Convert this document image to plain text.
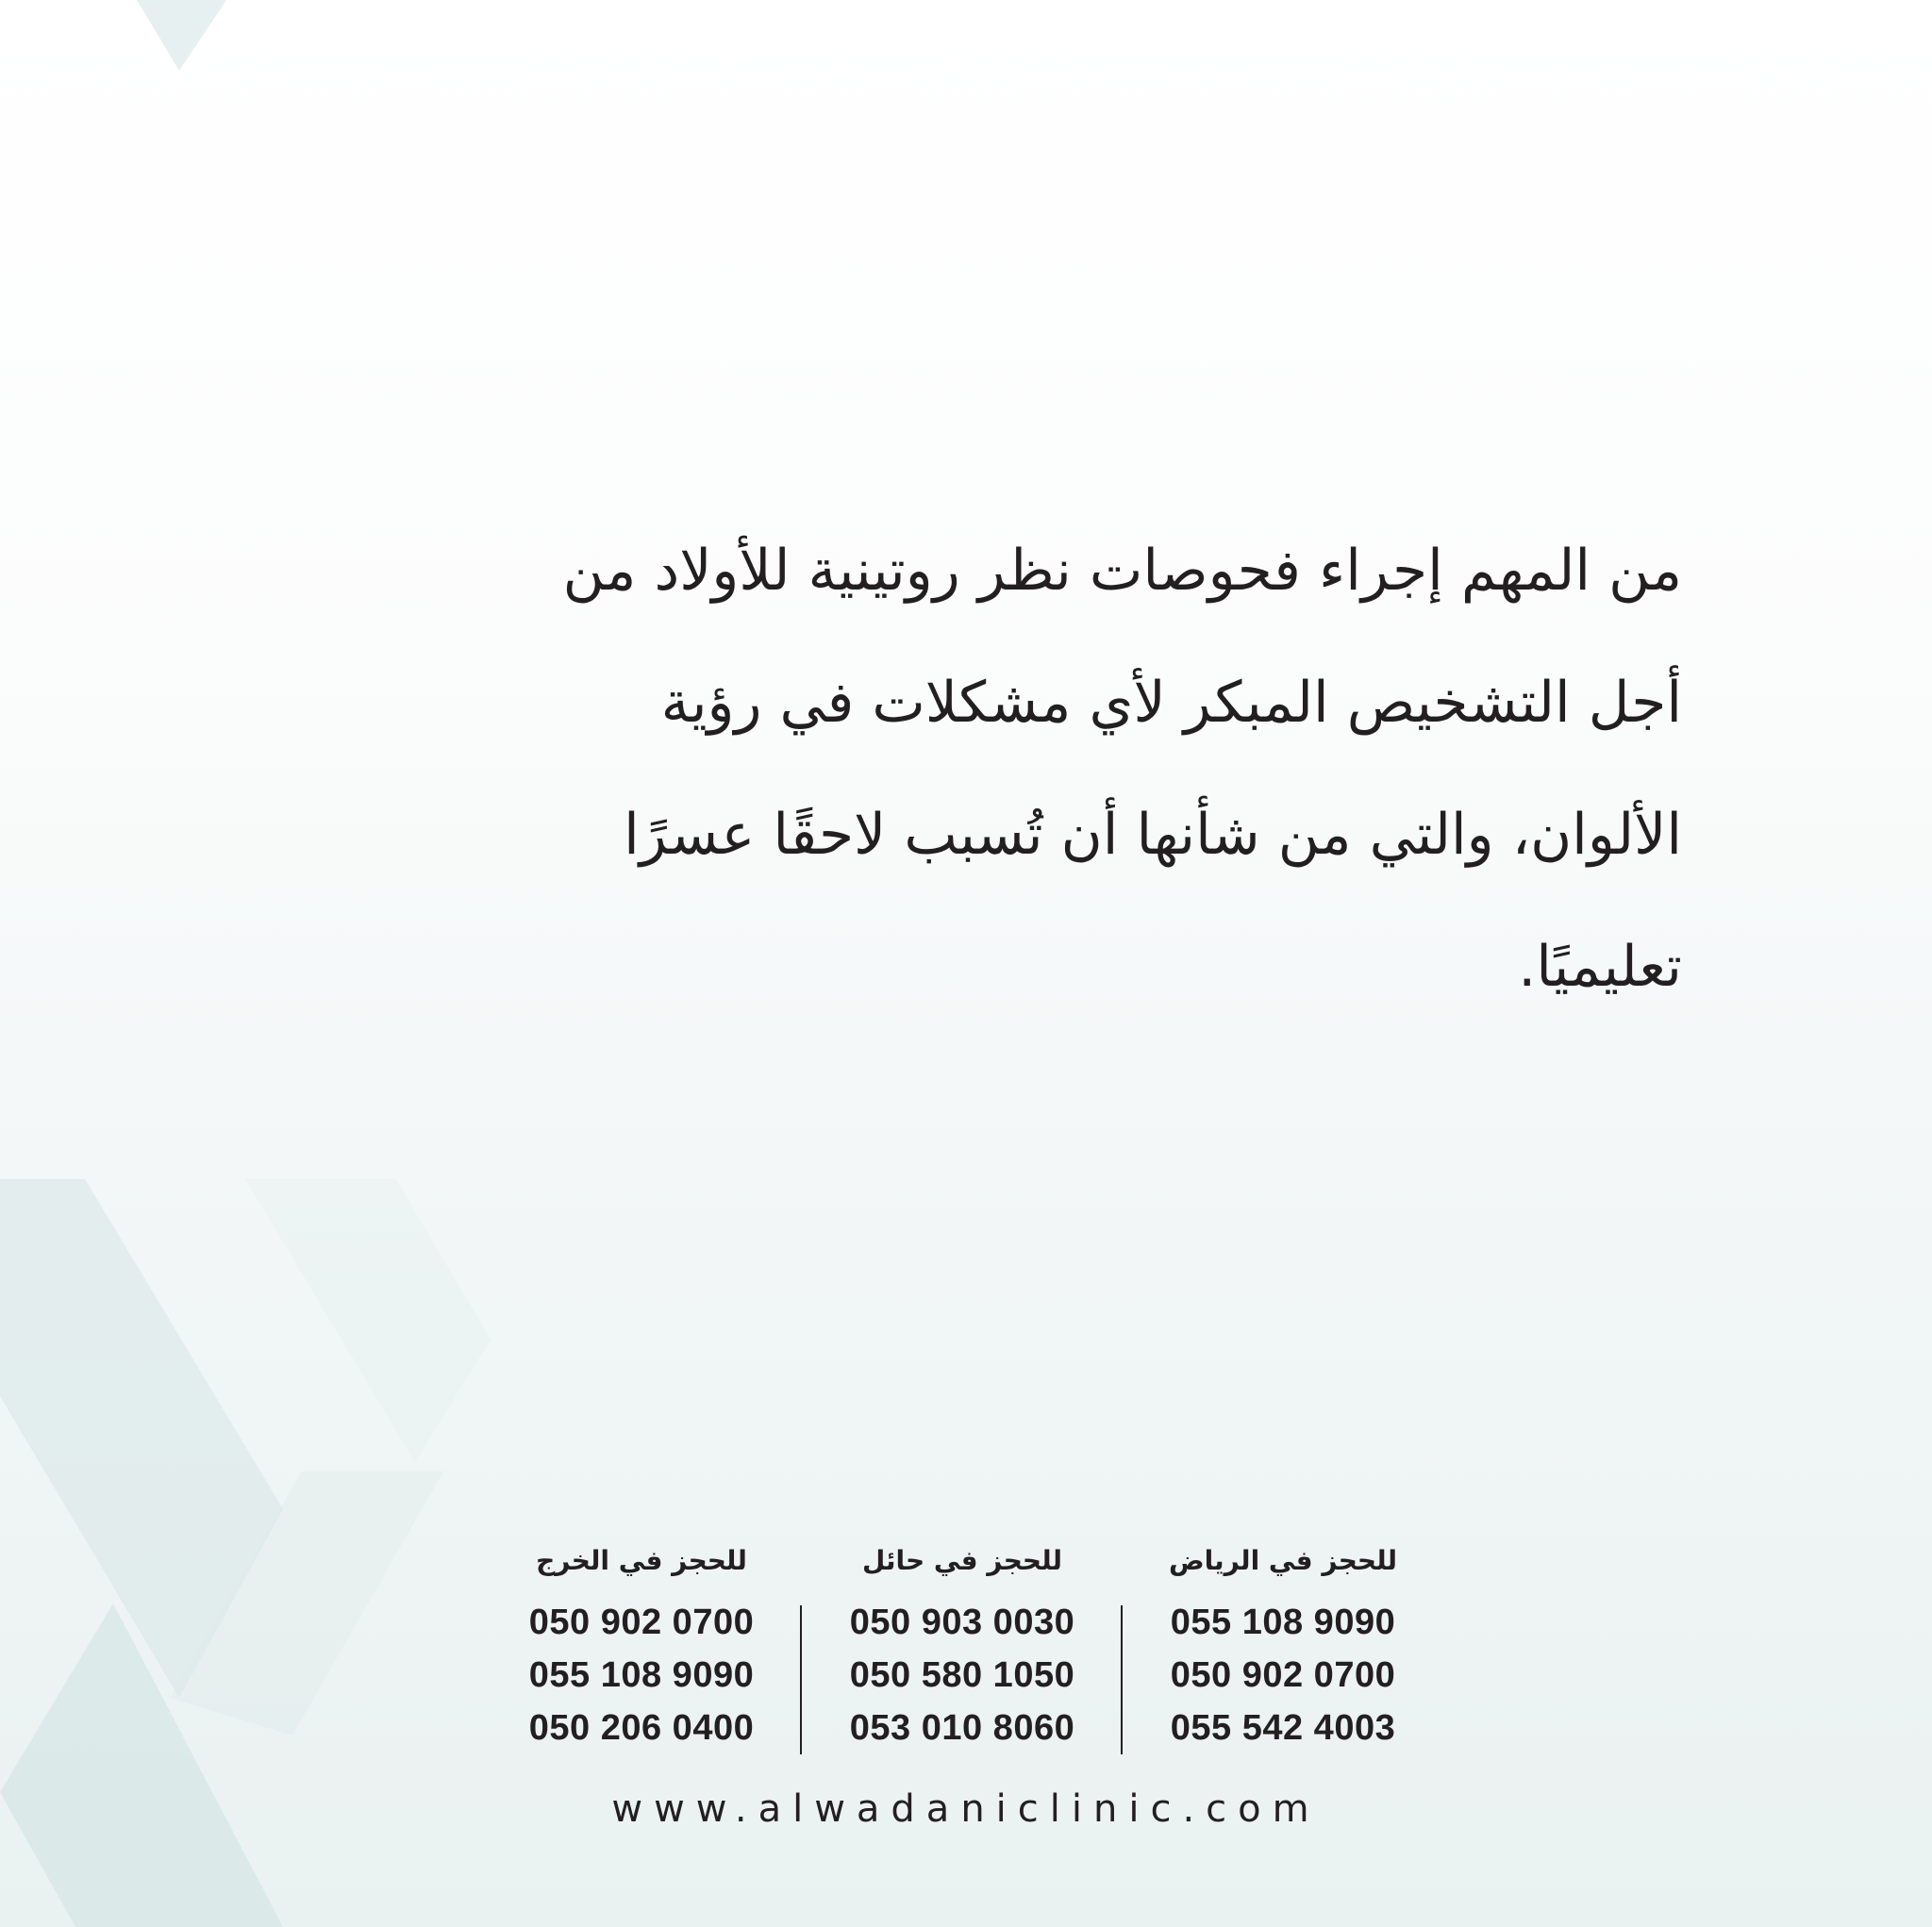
من المهم إجراء فحوصات نظر روتينية للأولاد من
أجل التشخيص المبكر لأي مشكلات في رؤية
الألوان، والتي من شأنها أن تُسبب لاحقًا عسرًا
تعليميًا.
للحجز في الرياض
055 108 9090
050 902 0700
055 542 4003
للحجز في حائل
050 903 0030
050 580 1050
053 010 8060
للحجز في الخرج
050 902 0700
055 108 9090
050 206 0400
www.alwadaniclinic.com
